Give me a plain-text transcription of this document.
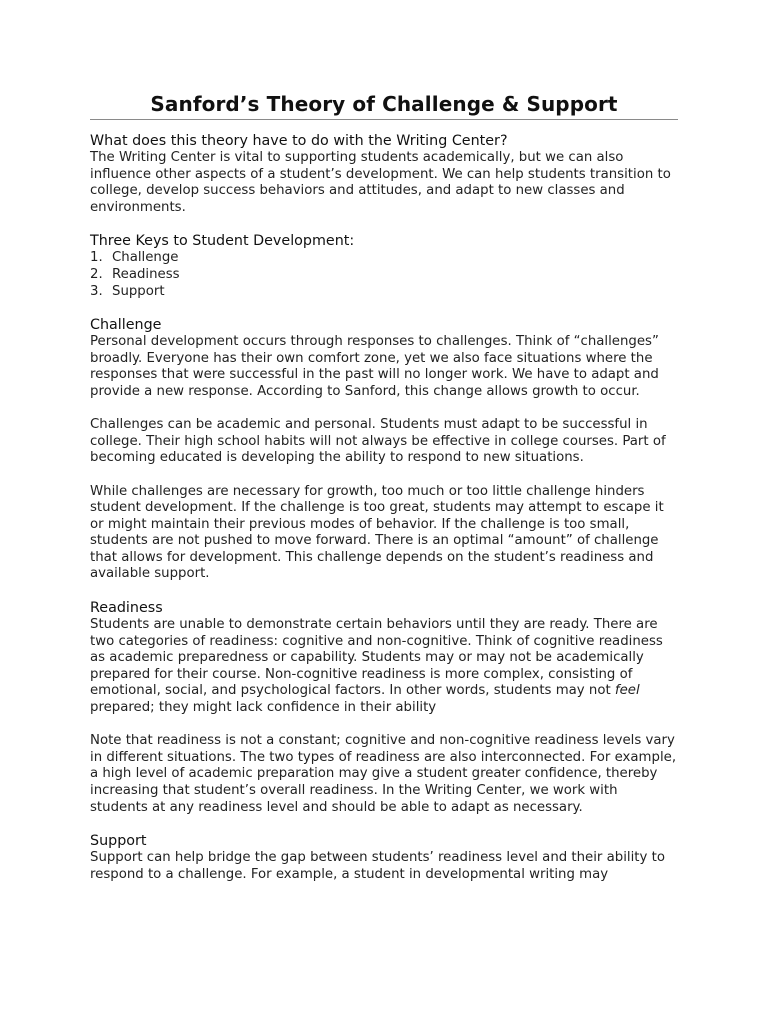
Sanford’s Theory of Challenge & Support
What does this theory have to do with the Writing Center?

The Writing Center is vital to supporting students academically, but we can also influence other aspects of a student’s development. We can help students transition to college, develop success behaviors and attitudes, and adapt to new classes and environments.

Three Keys to Student Development:
1. Challenge
2. Readiness
3. Support
Challenge

Personal development occurs through responses to challenges. Think of “challenges” broadly. Everyone has their own comfort zone, yet we also face situations where the responses that were successful in the past will no longer work. We have to adapt and provide a new response. According to Sanford, this change allows growth to occur.

Challenges can be academic and personal. Students must adapt to be successful in college. Their high school habits will not always be effective in college courses. Part of becoming educated is developing the ability to respond to new situations.

While challenges are necessary for growth, too much or too little challenge hinders student development. If the challenge is too great, students may attempt to escape it or might maintain their previous modes of behavior. If the challenge is too small, students are not pushed to move forward. There is an optimal “amount” of challenge that allows for development. This challenge depends on the student’s readiness and available support.

Readiness

Students are unable to demonstrate certain behaviors until they are ready. There are two categories of readiness: cognitive and non-cognitive. Think of cognitive readiness as academic preparedness or capability. Students may or may not be academically prepared for their course. Non-cognitive readiness is more complex, consisting of emotional, social, and psychological factors. In other words, students may not feel prepared; they might lack confidence in their ability

Note that readiness is not a constant; cognitive and non-cognitive readiness levels vary in different situations. The two types of readiness are also interconnected. For example, a high level of academic preparation may give a student greater confidence, thereby increasing that student’s overall readiness. In the Writing Center, we work with students at any readiness level and should be able to adapt as necessary.

Support

Support can help bridge the gap between students’ readiness level and their ability to respond to a challenge. For example, a student in developmental writing may
